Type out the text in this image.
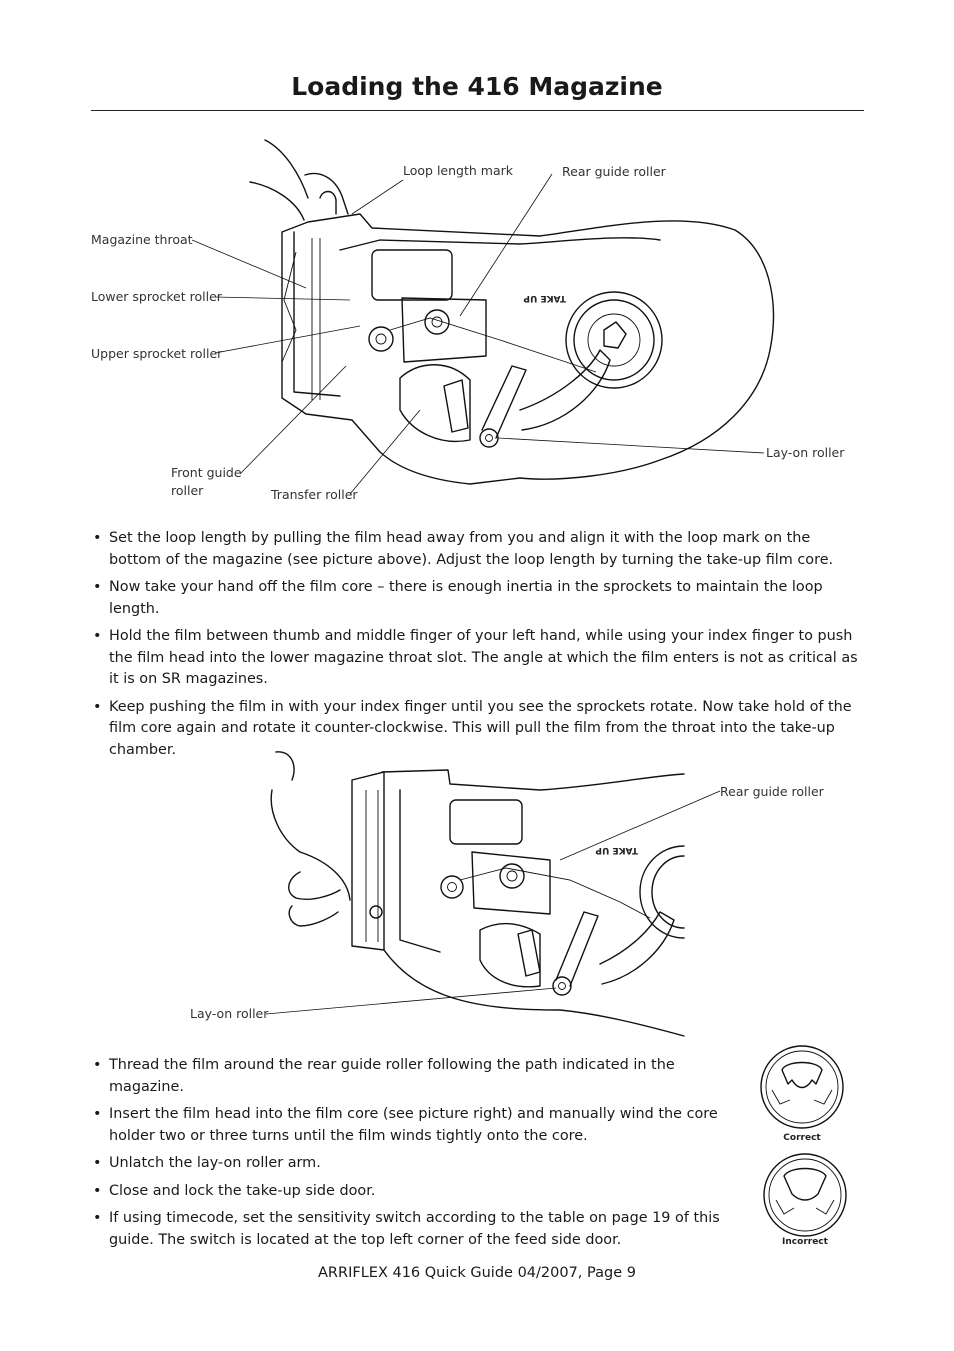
Loading the 416 Magazine
TAKE UP
Loop length mark	Rear guide roller
Magazine throat
Lower sprocket roller
Upper sprocket roller
Front guide
roller	Transfer roller
Lay-on roller
• Set the loop length by pulling the film head away from you and align it with the loop mark on the bottom of the magazine (see picture above). Adjust the loop length by turning the take-up film core.
• Now take your hand off the film core – there is enough inertia in the sprockets to maintain the loop length.
• Hold the film between thumb and middle finger of your left hand, while using your index finger to push the film head into the lower magazine throat slot. The angle at which the film enters is not as critical as it is on SR magazines.
• Keep pushing the film in with your index finger until you see the sprockets rotate. Now take hold of the film core again and rotate it counter-clockwise. This will pull the film from the throat into the take-up chamber.
TAKE UP
Rear guide roller
Lay-on roller
• Thread the film around the rear guide roller following the path indicated in the magazine.
• Insert the film head into the film core (see picture right) and manually wind the core holder two or three turns until the film winds tightly onto the core.
• Unlatch the lay-on roller arm.
• Close and lock the take-up side door.
• If using timecode, set the sensitivity switch according to the table on page 19 of this guide. The switch is located at the top left corner of the feed side door.
Correct
Incorrect
ARRIFLEX 416 Quick Guide 04/2007, Page 9
